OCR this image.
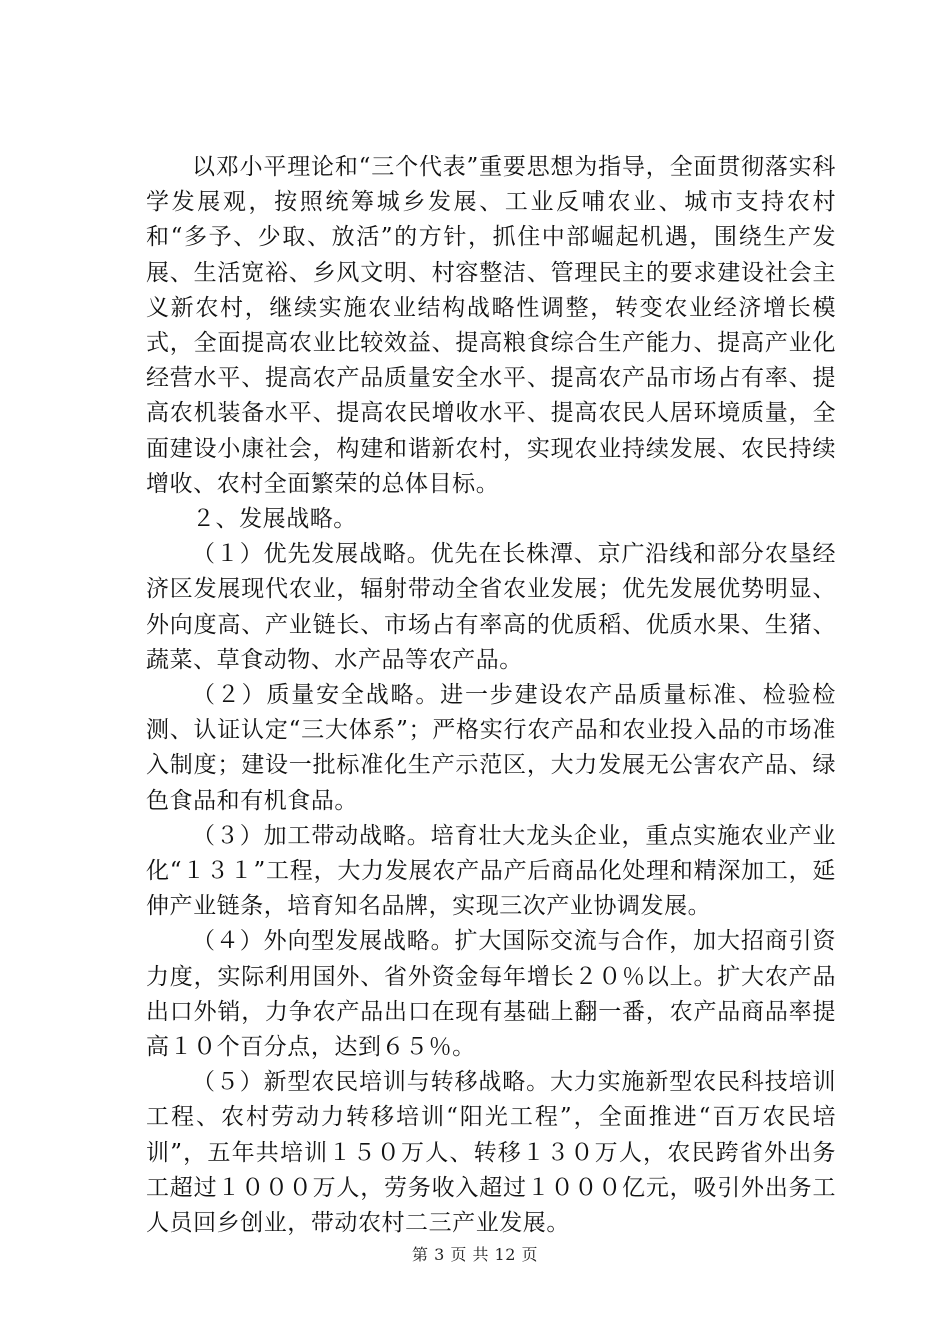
以邓小平理论和“三个代表”重要思想为指导，全面贯彻落实科学发展观，按照统筹城乡发展、工业反哺农业、城市支持农村和“多予、少取、放活”的方针，抓住中部崛起机遇，围绕生产发展、生活宽裕、乡风文明、村容整洁、管理民主的要求建设社会主义新农村，继续实施农业结构战略性调整，转变农业经济增长模式，全面提高农业比较效益、提高粮食综合生产能力、提高产业化经营水平、提高农产品质量安全水平、提高农产品市场占有率、提高农机装备水平、提高农民增收水平、提高农民人居环境质量，全面建设小康社会，构建和谐新农村，实现农业持续发展、农民持续增收、农村全面繁荣的总体目标。

２、发展战略。

（１）优先发展战略。优先在长株潭、京广沿线和部分农垦经济区发展现代农业，辐射带动全省农业发展；优先发展优势明显、外向度高、产业链长、市场占有率高的优质稻、优质水果、生猪、蔬菜、草食动物、水产品等农产品。

（２）质量安全战略。进一步建设农产品质量标准、检验检测、认证认定“三大体系”；严格实行农产品和农业投入品的市场准入制度；建设一批标准化生产示范区，大力发展无公害农产品、绿色食品和有机食品。

（３）加工带动战略。培育壮大龙头企业，重点实施农业产业化“１３１”工程，大力发展农产品产后商品化处理和精深加工，延伸产业链条，培育知名品牌，实现三次产业协调发展。

（４）外向型发展战略。扩大国际交流与合作，加大招商引资力度，实际利用国外、省外资金每年增长２０％以上。扩大农产品出口外销，力争农产品出口在现有基础上翻一番，农产品商品率提高１０个百分点，达到６５％。

（５）新型农民培训与转移战略。大力实施新型农民科技培训工程、农村劳动力转移培训“阳光工程”，全面推进“百万农民培训”，五年共培训１５０万人、转移１３０万人，农民跨省外出务工超过１０００万人，劳务收入超过１０００亿元，吸引外出务工人员回乡创业，带动农村二三产业发展。

第 3 页 共 12 页
